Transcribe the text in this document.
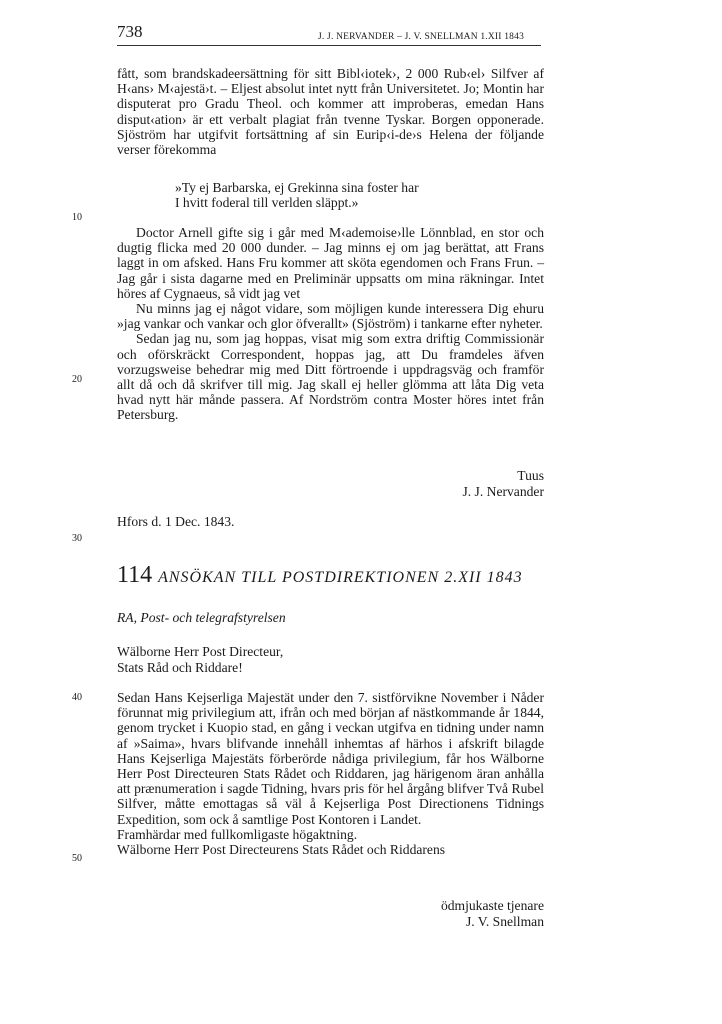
738	J. J. NERVANDER – J. V. SNELLMAN 1.XII 1843

fått, som brandskadeersättning för sitt Bibl‹iotek›, 2 000 Rub‹el› Silfver af H‹ans› M‹ajestä›t. – Eljest absolut intet nytt från Universitetet. Jo; Montin har disputerat pro Gradu Theol. och kommer att improberas, emedan Hans disput‹ation› är ett verbalt plagiat från tvenne Tyskar. Borgen opponerade. Sjöström har utgifvit fortsättning af sin Eurip‹i-de›s Helena der följande verser förekomma

»Ty ej Barbarska, ej Grekinna sina foster har
I hvitt foderal till verlden släppt.»

Doctor Arnell gifte sig i går med M‹ademoise›lle Lönnblad, en stor och dugtig flicka med 20 000 dunder. – Jag minns ej om jag berättat, att Frans laggt in om afsked. Hans Fru kommer att sköta egendomen och Frans Frun. – Jag går i sista dagarne med en Preliminär uppsatts om mina räkningar. Intet höres af Cygnaeus, så vidt jag vet

Nu minns jag ej något vidare, som möjligen kunde interessera Dig ehuru »jag vankar och vankar och glor öfverallt» (Sjöström) i tankarne efter nyheter.

Sedan jag nu, som jag hoppas, visat mig som extra driftig Commissionär och oförskräckt Correspondent, hoppas jag, att Du framdeles äfven vorzugsweise behedrar mig med Ditt förtroende i uppdragsväg och framför allt då och då skrifver till mig. Jag skall ej heller glömma att låta Dig veta hvad nytt här månde passera. Af Nordström contra Moster höres intet från Petersburg.

Tuus
J. J. Nervander
Hfors d. 1 Dec. 1843.
114 ANSÖKAN TILL POSTDIREKTIONEN 2.XII 1843
RA, Post- och telegrafstyrelsen
Wälborne Herr Post Directeur,
Stats Råd och Riddare!

Sedan Hans Kejserliga Majestät under den 7. sistförvikne November i Nåder förunnat mig privilegium att, ifrån och med början af nästkommande år 1844, genom trycket i Kuopio stad, en gång i veckan utgifva en tidning under namn af »Saima», hvars blifvande innehåll inhemtas af härhos i afskrift bilagde Hans Kejserliga Majestäts förberörde nådiga privilegium, får hos Wälborne Herr Post Directeuren Stats Rådet och Riddaren, jag härigenom äran anhålla att prænumeration i sagde Tidning, hvars pris för hel årgång blifver Två Rubel Silfver, måtte emottagas så väl å Kejserliga Post Directionens Tidnings Expedition, som ock å samtlige Post Kontoren i Landet.

Framhärdar med fullkomligaste högaktning.

Wälborne Herr Post Directeurens Stats Rådet och Riddarens

ödmjukaste tjenare
J. V. Snellman
10
20
30
40
50
